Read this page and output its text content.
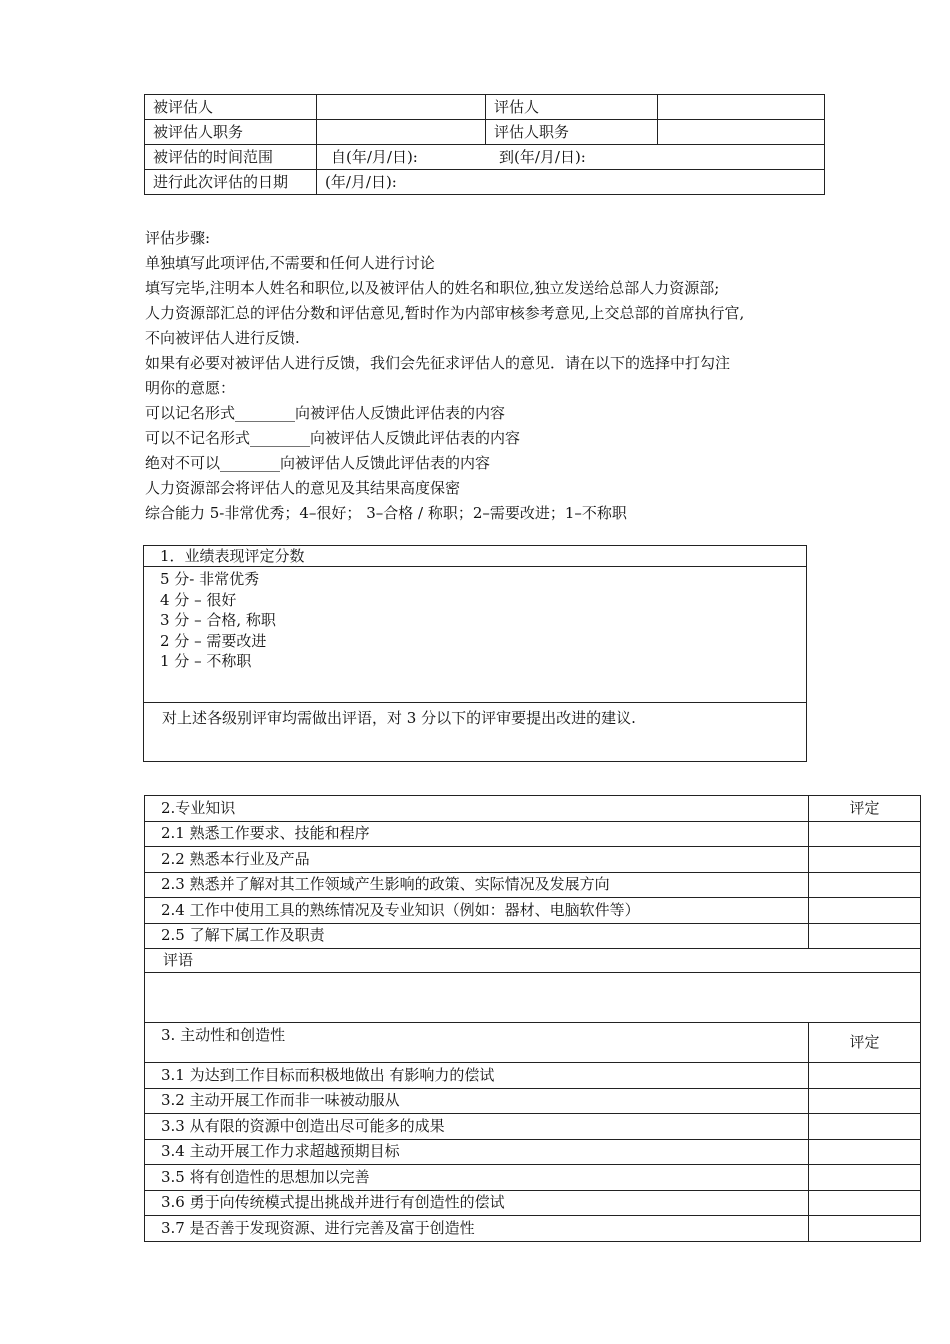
被评估人		评估人	
被评估人职务		评估人职务	
被评估的时间范围	自(年/月/日): 到(年/月/日):		
进行此次评估的日期	(年/月/日):		

评估步骤:

单独填写此项评估,不需要和任何人进行讨论

填写完毕,注明本人姓名和职位,以及被评估人的姓名和职位,独立发送给总部人力资源部;

人力资源部汇总的评估分数和评估意见,暂时作为内部审核参考意见,上交总部的首席执行官,

不向被评估人进行反馈.

如果有必要对被评估人进行反馈，我们会先征求评估人的意见．请在以下的选择中打勾注

明你的意愿：

可以记名形式________向被评估人反馈此评估表的内容

可以不记名形式________向被评估人反馈此评估表的内容

绝对不可以________向被评估人反馈此评估表的内容

人力资源部会将评估人的意见及其结果高度保密

综合能力 5-非常优秀；4–很好； 3–合格 / 称职；2–需要改进；1–不称职

1．业绩表现评定分数
5 分- 非常优秀
4 分 – 很好
3 分 – 合格, 称职
2 分 – 需要改进
1 分 – 不称职
对上述各级别评审均需做出评语，对 3 分以下的评审要提出改进的建议.
2.专业知识	评定
2.1 熟悉工作要求、技能和程序	
2.2 熟悉本行业及产品	
2.3 熟悉并了解对其工作领域产生影响的政策、实际情况及发展方向	
2.4 工作中使用工具的熟练情况及专业知识（例如：器材、电脑软件等）	
2.5 了解下属工作及职责	
评语	

3. 主动性和创造性	评定
3.1 为达到工作目标而积极地做出 有影响力的偿试	
3.2 主动开展工作而非一味被动服从	
3.3 从有限的资源中创造出尽可能多的成果	
3.4 主动开展工作力求超越预期目标	
3.5 将有创造性的思想加以完善	
3.6 勇于向传统模式提出挑战并进行有创造性的偿试	
3.7 是否善于发现资源、进行完善及富于创造性	
